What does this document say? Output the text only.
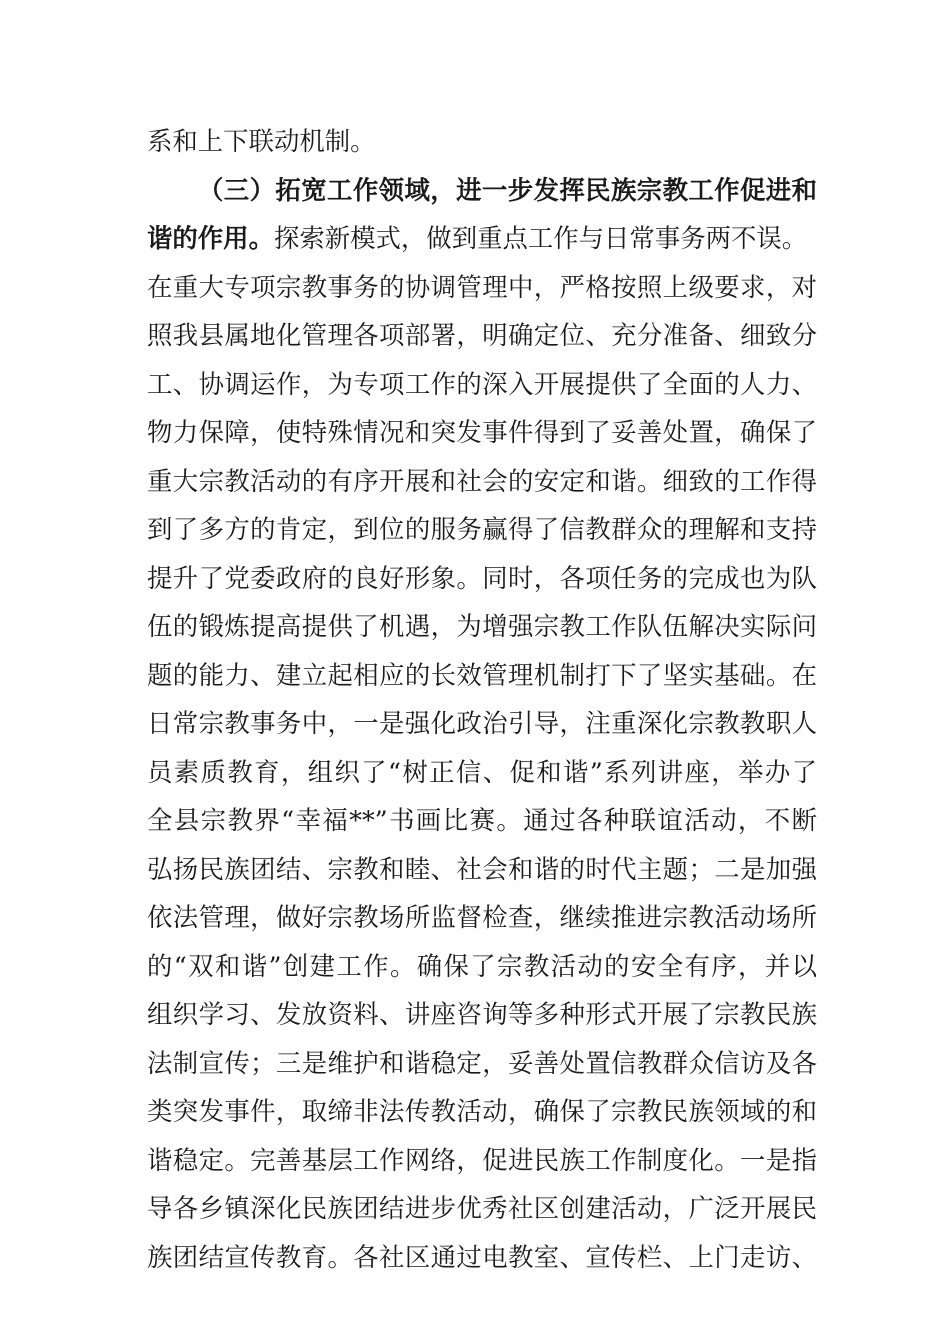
系和上下联动机制。
（三）拓宽工作领域，进一步发挥民族宗教工作促进和
谐的作用。探索新模式，做到重点工作与日常事务两不误。
在重大专项宗教事务的协调管理中，严格按照上级要求，对
照我县属地化管理各项部署，明确定位、充分准备、细致分
工、协调运作，为专项工作的深入开展提供了全面的人力、
物力保障，使特殊情况和突发事件得到了妥善处置，确保了
重大宗教活动的有序开展和社会的安定和谐。细致的工作得
到了多方的肯定，到位的服务赢得了信教群众的理解和支持
提升了党委政府的良好形象。同时，各项任务的完成也为队
伍的锻炼提高提供了机遇，为增强宗教工作队伍解决实际问
题的能力、建立起相应的长效管理机制打下了坚实基础。在
日常宗教事务中，一是强化政治引导，注重深化宗教教职人
员素质教育，组织了“树正信、促和谐”系列讲座，举办了
全县宗教界“幸福**”书画比赛。通过各种联谊活动，不断
弘扬民族团结、宗教和睦、社会和谐的时代主题；二是加强
依法管理，做好宗教场所监督检查，继续推进宗教活动场所
的“双和谐”创建工作。确保了宗教活动的安全有序，并以
组织学习、发放资料、讲座咨询等多种形式开展了宗教民族
法制宣传；三是维护和谐稳定，妥善处置信教群众信访及各
类突发事件，取缔非法传教活动，确保了宗教民族领域的和
谐稳定。完善基层工作网络，促进民族工作制度化。一是指
导各乡镇深化民族团结进步优秀社区创建活动，广泛开展民
族团结宣传教育。各社区通过电教室、宣传栏、上门走访、
